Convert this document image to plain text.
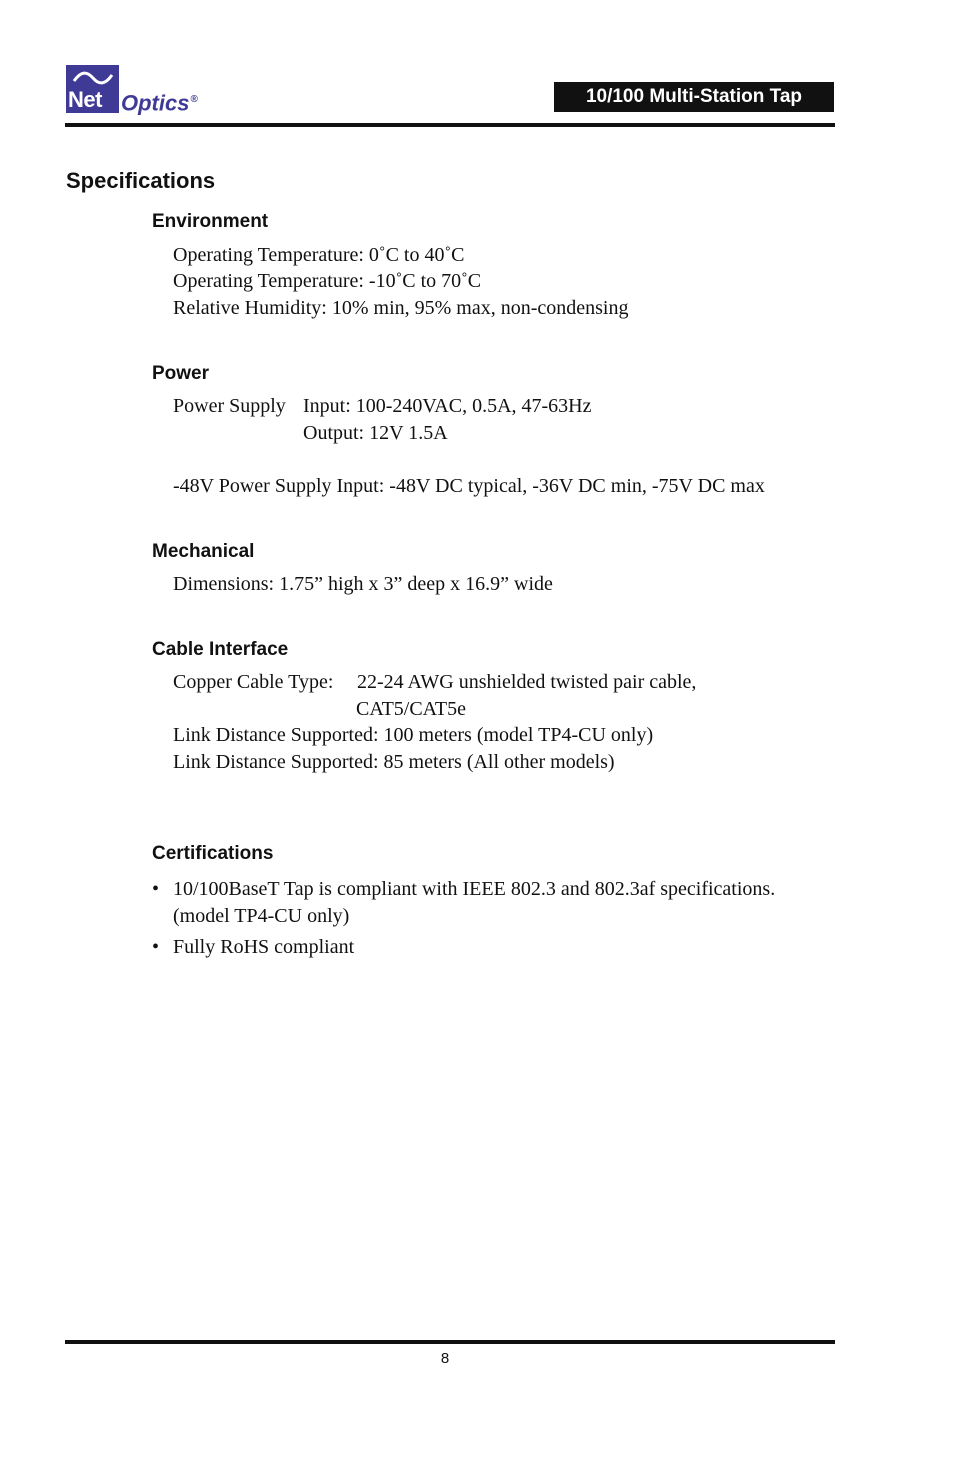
Net Optics®	10/100 Multi-Station Tap
Specifications
Environment
Operating Temperature: 0˚C to 40˚C
Operating Temperature: -10˚C to 70˚C
Relative Humidity: 10% min, 95% max, non-condensing
Power
Power Supply Input: 100-240VAC, 0.5A, 47-63Hz
Output: 12V 1.5A
-48V Power Supply Input: -48V DC typical, -36V DC min, -75V DC max
Mechanical
Dimensions: 1.75” high x 3” deep x 16.9” wide
Cable Interface
Copper Cable Type: 22-24 AWG unshielded twisted pair cable,
CAT5/CAT5e
Link Distance Supported: 100 meters (model TP4-CU only)
Link Distance Supported: 85 meters (All other models)
Certifications
• 10/100BaseT Tap is compliant with IEEE 802.3 and 802.3af specifications.
(model TP4-CU only)
• Fully RoHS compliant
8
